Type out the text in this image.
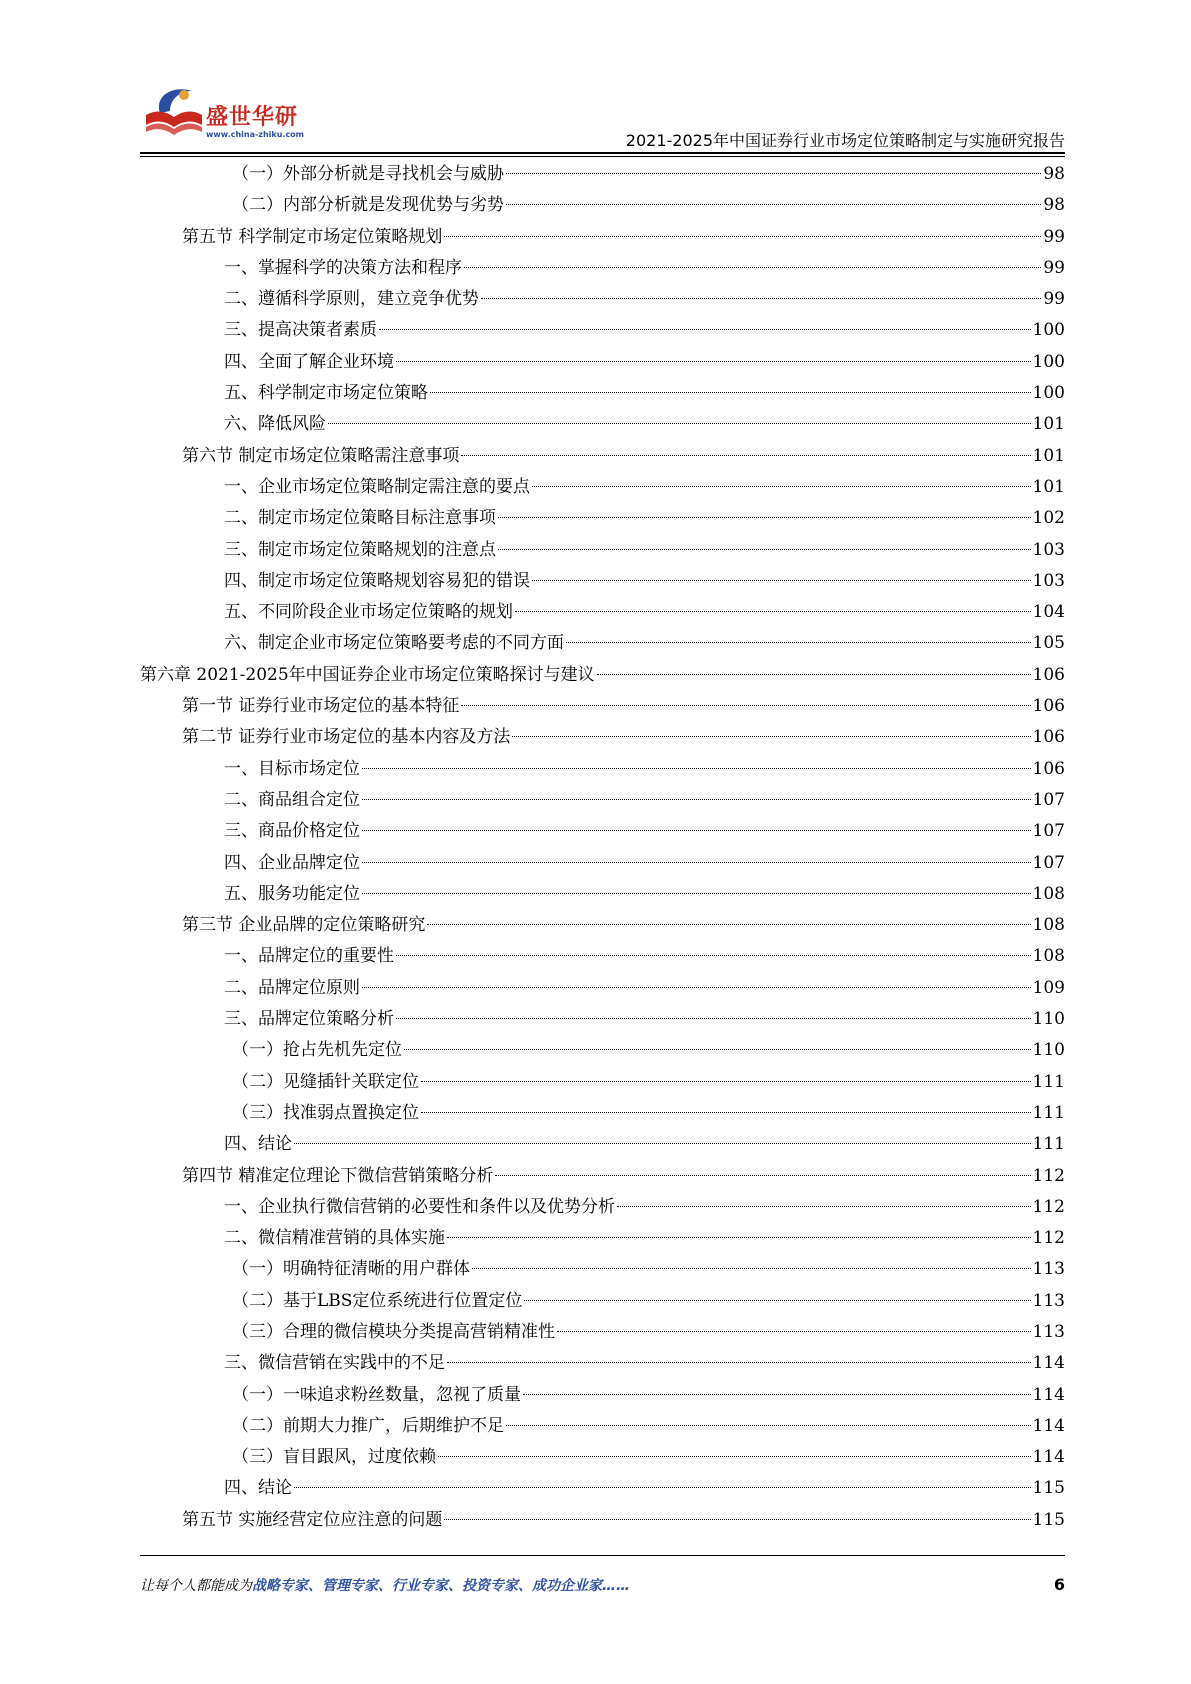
盛世华研
www.china-zhiku.com	2021-2025年中国证券行业市场定位策略制定与实施研究报告
（一）外部分析就是寻找机会与威胁	98
（二）内部分析就是发现优势与劣势	98
第五节 科学制定市场定位策略规划	99
一、掌握科学的决策方法和程序	99
二、遵循科学原则，建立竞争优势	99
三、提高决策者素质	100
四、全面了解企业环境	100
五、科学制定市场定位策略	100
六、降低风险	101
第六节 制定市场定位策略需注意事项	101
一、企业市场定位策略制定需注意的要点	101
二、制定市场定位策略目标注意事项	102
三、制定市场定位策略规划的注意点	103
四、制定市场定位策略规划容易犯的错误	103
五、不同阶段企业市场定位策略的规划	104
六、制定企业市场定位策略要考虑的不同方面	105
第六章 2021-2025年中国证券企业市场定位策略探讨与建议	106
第一节 证券行业市场定位的基本特征	106
第二节 证券行业市场定位的基本内容及方法	106
一、目标市场定位	106
二、商品组合定位	107
三、商品价格定位	107
四、企业品牌定位	107
五、服务功能定位	108
第三节 企业品牌的定位策略研究	108
一、品牌定位的重要性	108
二、品牌定位原则	109
三、品牌定位策略分析	110
（一）抢占先机先定位	110
（二）见缝插针关联定位	111
（三）找准弱点置换定位	111
四、结论	111
第四节 精准定位理论下微信营销策略分析	112
一、企业执行微信营销的必要性和条件以及优势分析	112
二、微信精准营销的具体实施	112
（一）明确特征清晰的用户群体	113
（二）基于LBS定位系统进行位置定位	113
（三）合理的微信模块分类提高营销精准性	113
三、微信营销在实践中的不足	114
（一）一味追求粉丝数量，忽视了质量	114
（二）前期大力推广，后期维护不足	114
（三）盲目跟风，过度依赖	114
四、结论	115
第五节 实施经营定位应注意的问题	115
让每个人都能成为战略专家、管理专家、行业专家、投资专家、成功企业家……	6
